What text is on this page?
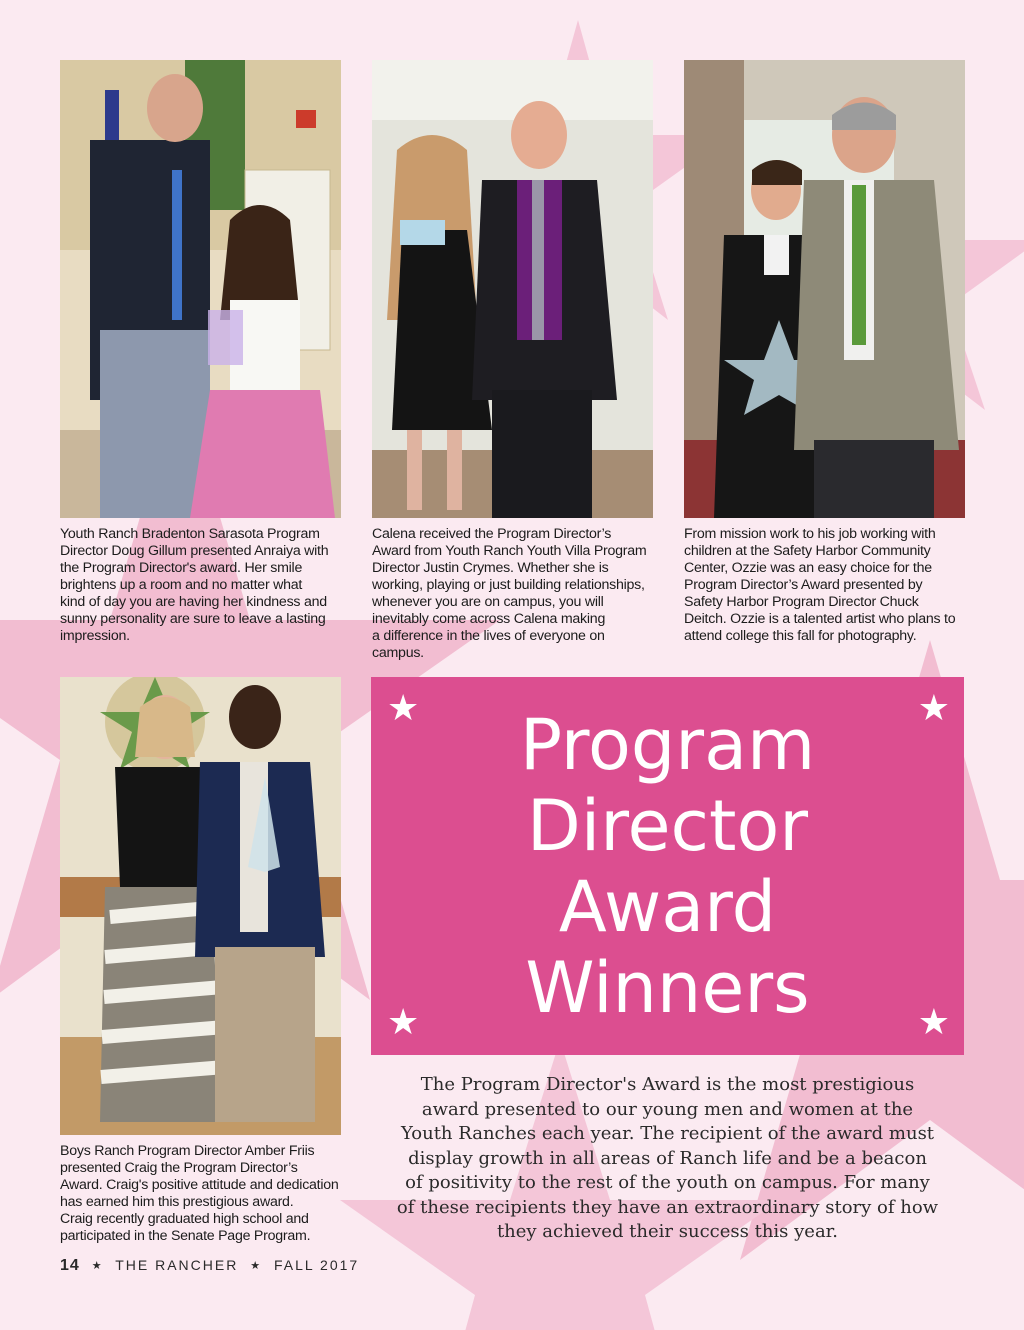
Youth Ranch Bradenton Sarasota Program
Director Doug Gillum presented Anraiya with
the Program Director's award. Her smile
brightens up a room and no matter what
kind of day you are having her kindness and
sunny personality are sure to leave a lasting
impression.
Calena received the Program Director’s
Award from Youth Ranch Youth Villa Program
Director Justin Crymes. Whether she is
working, playing or just building relationships,
whenever you are on campus, you will
inevitably come across Calena making
a difference in the lives of everyone on
campus.
From mission work to his job working with
children at the Safety Harbor Community
Center, Ozzie was an easy choice for the
Program Director’s Award presented by
Safety Harbor Program Director Chuck
Deitch. Ozzie is a talented artist who plans to
attend college this fall for photography.
Boys Ranch Program Director Amber Friis
presented Craig the Program Director’s
Award. Craig's positive attitude and dedication
has earned him this prestigious award.
Craig recently graduated high school and
participated in the Senate Page Program.
★	★
★	★
Program
Director
Award
Winners
The Program Director's Award is the most prestigious
award presented to our young men and women at the
Youth Ranches each year. The recipient of the award must
display growth in all areas of Ranch life and be a beacon
of positivity to the rest of the youth on campus. For many
of these recipients they have an extraordinary story of how
they achieved their success this year.
14 ★ THE RANCHER ★ FALL 2017
